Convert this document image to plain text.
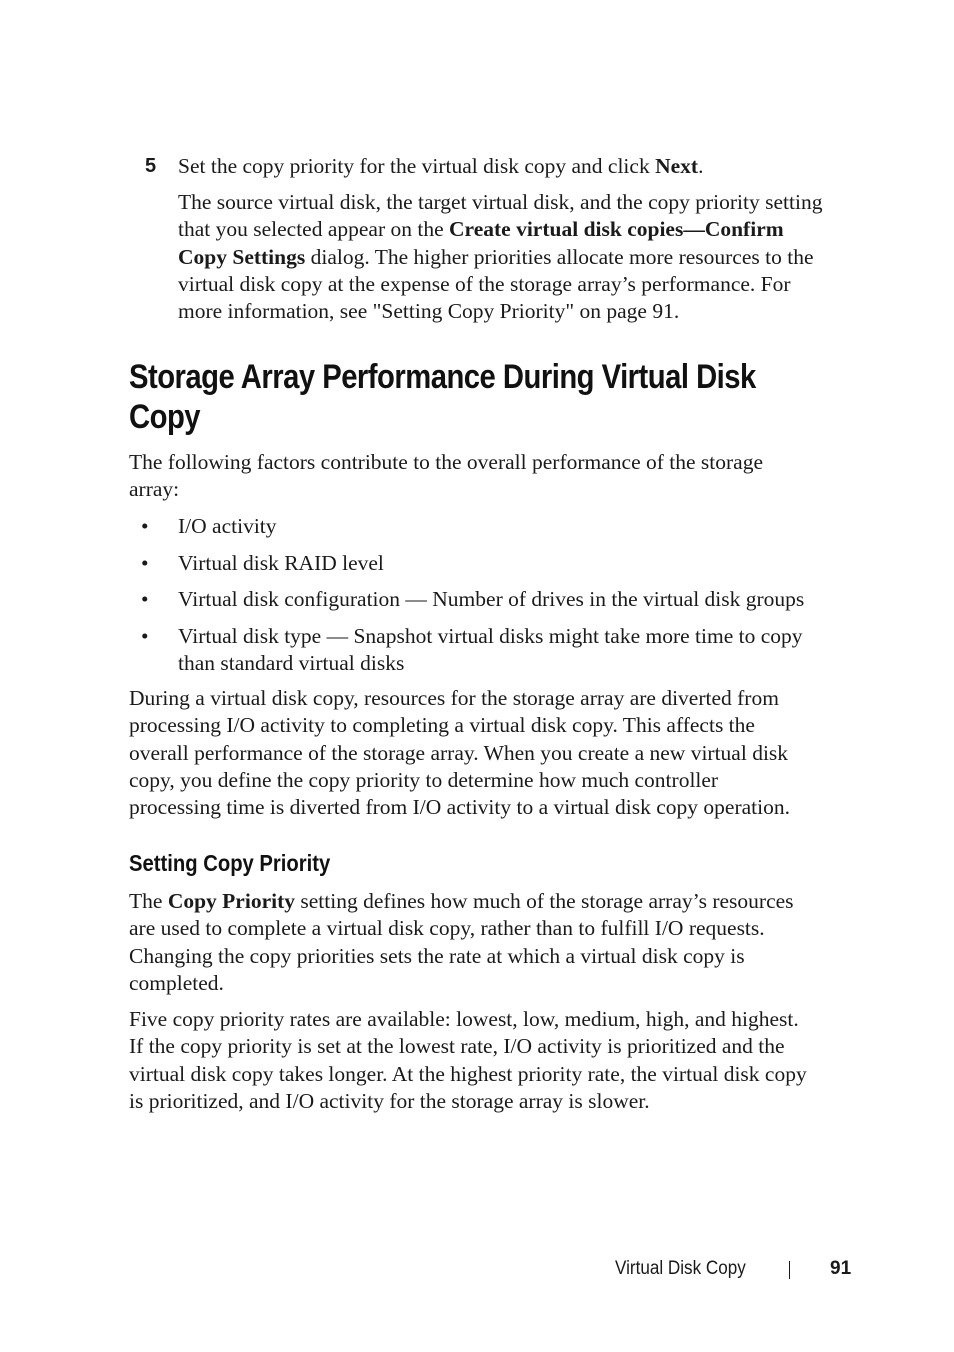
5 Set the copy priority for the virtual disk copy and click Next.
The source virtual disk, the target virtual disk, and the copy priority setting
that you selected appear on the Create virtual disk copies—Confirm
Copy Settings dialog. The higher priorities allocate more resources to the
virtual disk copy at the expense of the storage array’s performance. For
more information, see "Setting Copy Priority" on page 91.
Storage Array Performance During Virtual Disk
Copy
The following factors contribute to the overall performance of the storage
array:
• I/O activity
• Virtual disk RAID level
• Virtual disk configuration — Number of drives in the virtual disk groups
• Virtual disk type — Snapshot virtual disks might take more time to copy
than standard virtual disks
During a virtual disk copy, resources for the storage array are diverted from
processing I/O activity to completing a virtual disk copy. This affects the
overall performance of the storage array. When you create a new virtual disk
copy, you define the copy priority to determine how much controller
processing time is diverted from I/O activity to a virtual disk copy operation.
Setting Copy Priority
The Copy Priority setting defines how much of the storage array’s resources
are used to complete a virtual disk copy, rather than to fulfill I/O requests.
Changing the copy priorities sets the rate at which a virtual disk copy is
completed.
Five copy priority rates are available: lowest, low, medium, high, and highest.
If the copy priority is set at the lowest rate, I/O activity is prioritized and the
virtual disk copy takes longer. At the highest priority rate, the virtual disk copy
is prioritized, and I/O activity for the storage array is slower.
Virtual Disk Copy	91
